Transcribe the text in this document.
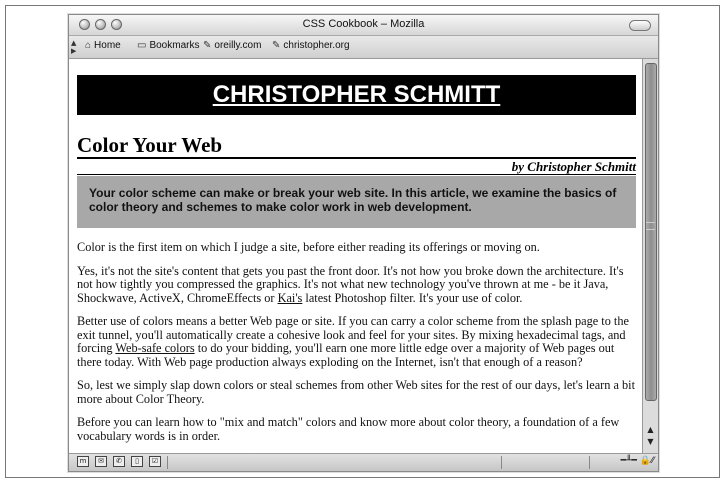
CSS Cookbook – Mozilla
▲
▶ ⌂ Home ▭ Bookmarks ✎ oreilly.com ✎ christopher.org
CHRISTOPHER SCHMITT
Color Your Web
by Christopher Schmitt
Your color scheme can make or break your web site. In this article, we examine the basics of color theory and schemes to make color work in web development.

Color is the first item on which I judge a site, before either reading its offerings or moving on.

Yes, it's not the site's content that gets you past the front door. It's not how you broke down the architecture. It's not how tightly you compressed the graphics. It's not what new technology you've thrown at me - be it Java, Shockwave, ActiveX, ChromeEffects or Kai's latest Photoshop filter. It's your use of color.

Better use of colors means a better Web page or site. If you can carry a color scheme from the splash page to the exit tunnel, you'll automatically create a cohesive look and feel for your sites. By mixing hexadecimal tags, and forcing Web-safe colors to do your bidding, you'll earn one more little edge over a majority of Web pages out there today. With Web page production always exploding on the Internet, isn't that enough of a reason?

So, lest we simply slap down colors or steal schemes from other Web sites for the rest of our days, let's learn a bit more about Color Theory.

Before you can learn how to "mix and match" colors and know more about color theory, a foundation of a few vocabulary words is in order.	▲
▼
m	✉	✆	▯	☑	━╨━ 🔒⁄⁄
